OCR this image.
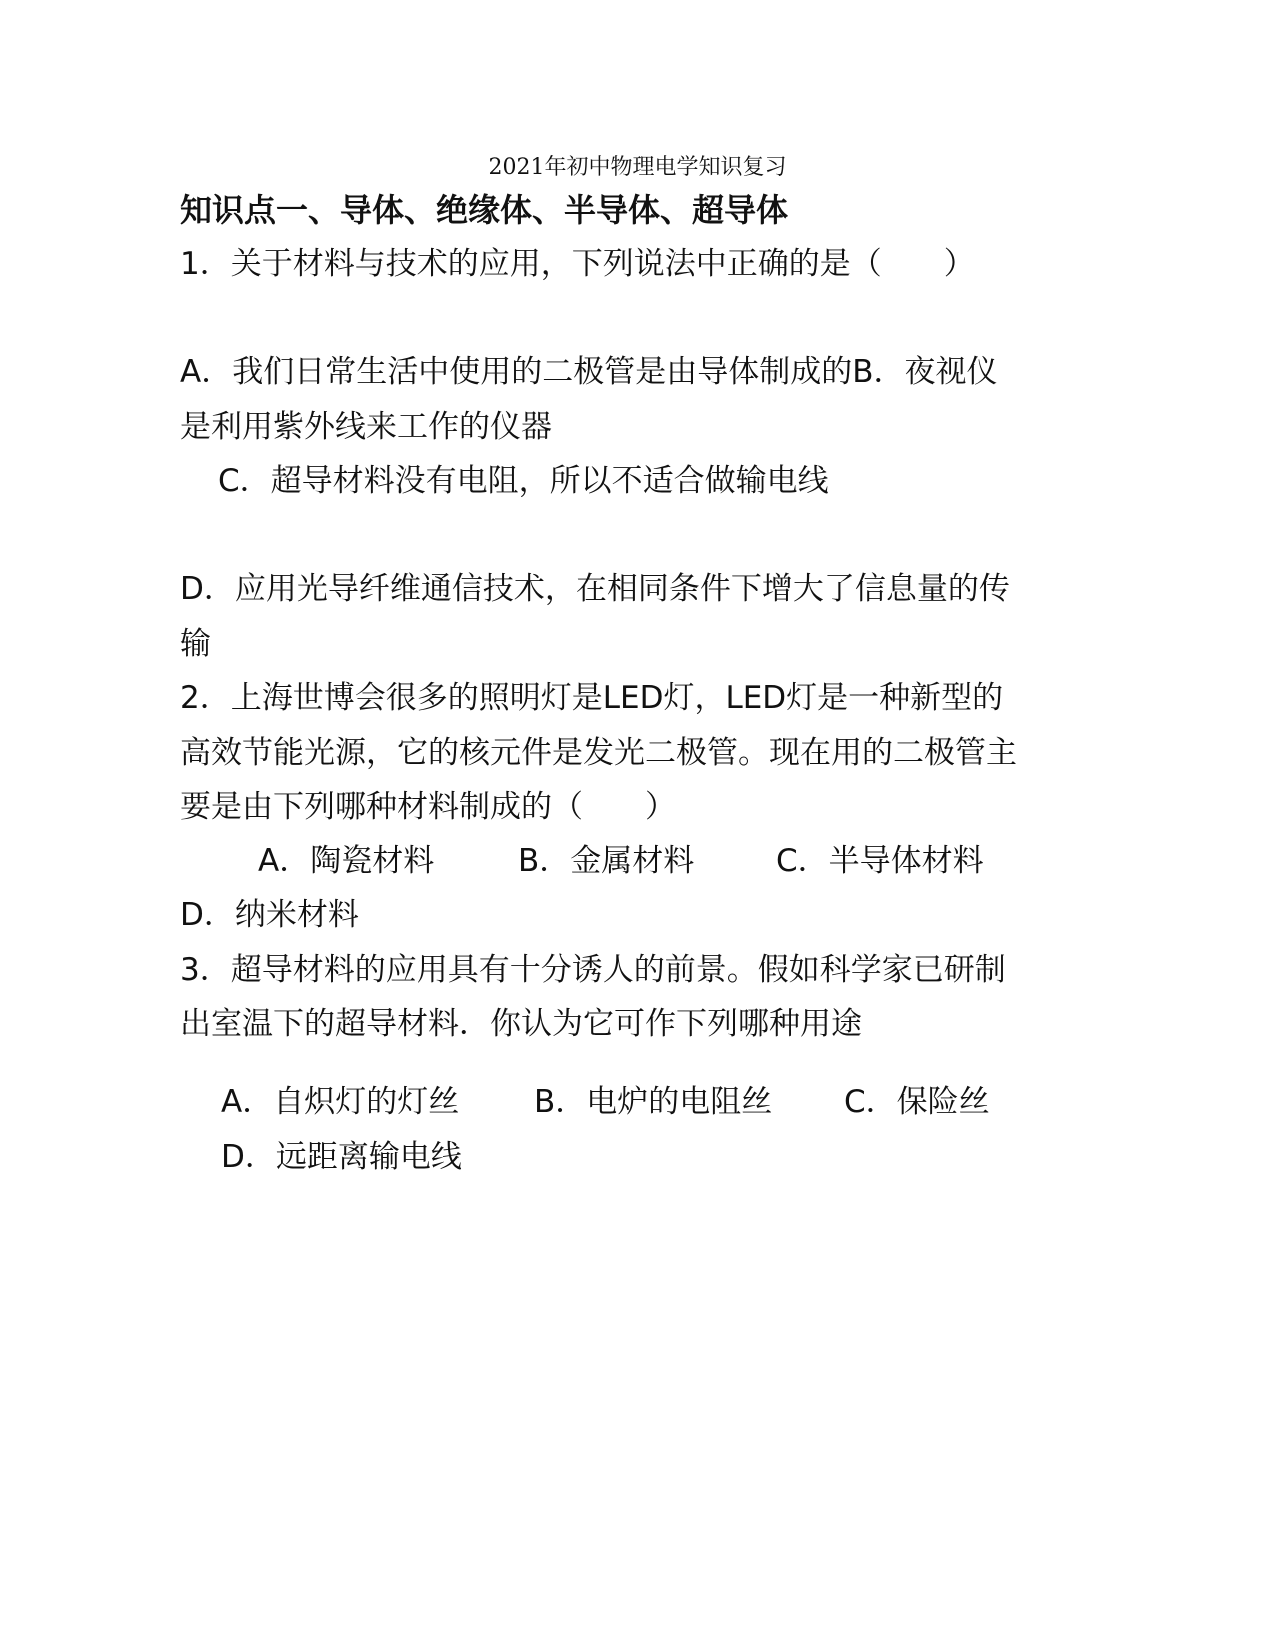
2021年初中物理电学知识复习
知识点一、导体、绝缘体、半导体、超导体
1．关于材料与技术的应用，下列说法中正确的是（　　）
A．我们日常生活中使用的二极管是由导体制成的B．夜视仪
是利用紫外线来工作的仪器
C．超导材料没有电阻，所以不适合做输电线
D．应用光导纤维通信技术，在相同条件下增大了信息量的传
输
2．上海世博会很多的照明灯是LED灯，LED灯是一种新型的
高效节能光源，它的核元件是发光二极管。现在用的二极管主
要是由下列哪种材料制成的（　　）
A．陶瓷材料	B．金属材料	C．半导体材料
D．纳米材料
3．超导材料的应用具有十分诱人的前景。假如科学家已研制
出室温下的超导材料．你认为它可作下列哪种用途
A．自炽灯的灯丝 B．电炉的电阻丝 C．保险丝
D．远距离输电线
